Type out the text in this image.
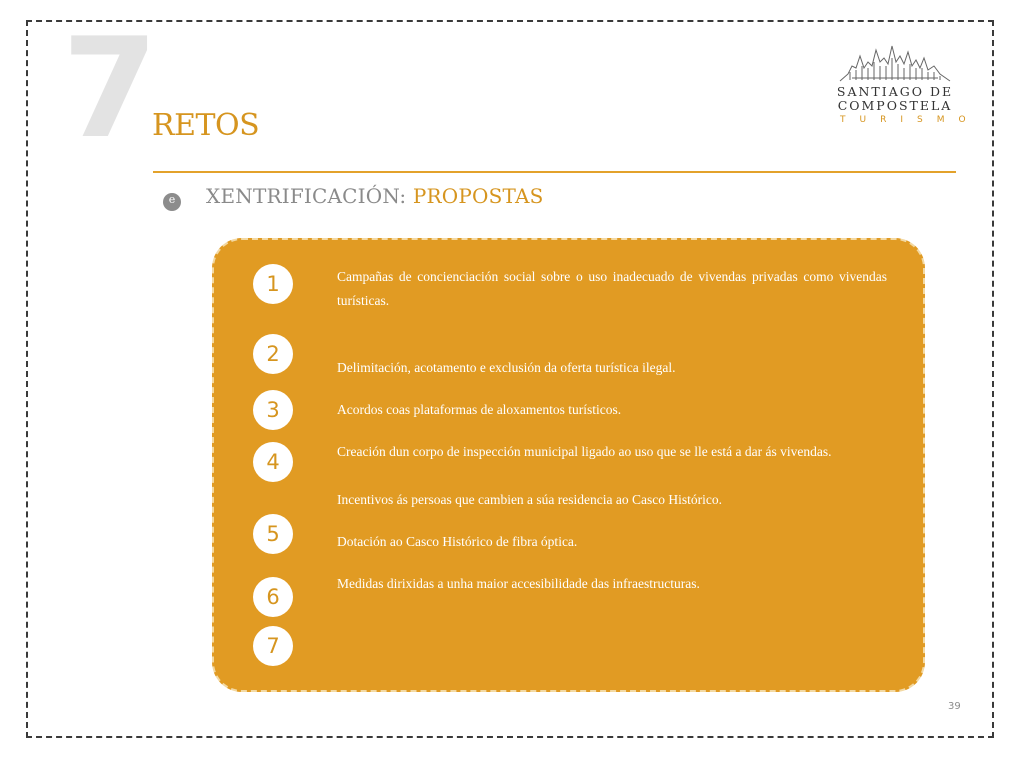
7
RETOS
SANTIAGO DE
COMPOSTELA
TURISMO
e XENTRIFICACIÓN: PROPOSTAS
1
2
3
4
5
6
7
Campañas de concienciación social sobre o uso inadecuado de vivendas privadas como vivendas turísticas.
Delimitación, acotamento e exclusión da oferta turística ilegal.
Acordos coas plataformas de aloxamentos turísticos.
Creación dun corpo de inspección municipal ligado ao uso que se lle está a dar ás vivendas.
Incentivos ás persoas que cambien a súa residencia ao Casco Histórico.
Dotación ao Casco Histórico de fibra óptica.
Medidas dirixidas a unha maior accesibilidade das infraestructuras.
39
